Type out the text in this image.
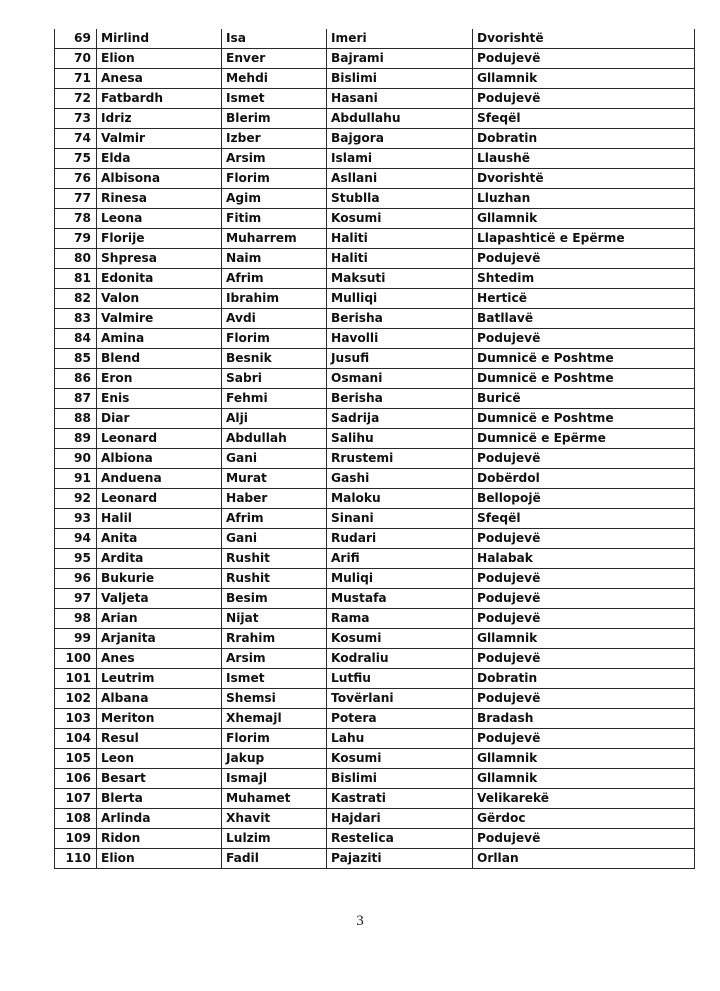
69	Mirlind	Isa	Imeri	Dvorishtë
70	Elion	Enver	Bajrami	Podujevë
71	Anesa	Mehdi	Bislimi	Gllamnik
72	Fatbardh	Ismet	Hasani	Podujevë
73	Idriz	Blerim	Abdullahu	Sfeqël
74	Valmir	Izber	Bajgora	Dobratin
75	Elda	Arsim	Islami	Llaushë
76	Albisona	Florim	Asllani	Dvorishtë
77	Rinesa	Agim	Stublla	Lluzhan
78	Leona	Fitim	Kosumi	Gllamnik
79	Florije	Muharrem	Haliti	Llapashticë e Epërme
80	Shpresa	Naim	Haliti	Podujevë
81	Edonita	Afrim	Maksuti	Shtedim
82	Valon	Ibrahim	Mulliqi	Herticë
83	Valmire	Avdi	Berisha	Batllavë
84	Amina	Florim	Havolli	Podujevë
85	Blend	Besnik	Jusufi	Dumnicë e Poshtme
86	Eron	Sabri	Osmani	Dumnicë e Poshtme
87	Enis	Fehmi	Berisha	Buricë
88	Diar	Alji	Sadrija	Dumnicë e Poshtme
89	Leonard	Abdullah	Salihu	Dumnicë e Epërme
90	Albiona	Gani	Rrustemi	Podujevë
91	Anduena	Murat	Gashi	Dobërdol
92	Leonard	Haber	Maloku	Bellopojë
93	Halil	Afrim	Sinani	Sfeqël
94	Anita	Gani	Rudari	Podujevë
95	Ardita	Rushit	Arifi	Halabak
96	Bukurie	Rushit	Muliqi	Podujevë
97	Valjeta	Besim	Mustafa	Podujevë
98	Arian	Nijat	Rama	Podujevë
99	Arjanita	Rrahim	Kosumi	Gllamnik
100	Anes	Arsim	Kodraliu	Podujevë
101	Leutrim	Ismet	Lutfiu	Dobratin
102	Albana	Shemsi	Tovërlani	Podujevë
103	Meriton	Xhemajl	Potera	Bradash
104	Resul	Florim	Lahu	Podujevë
105	Leon	Jakup	Kosumi	Gllamnik
106	Besart	Ismajl	Bislimi	Gllamnik
107	Blerta	Muhamet	Kastrati	Velikarekë
108	Arlinda	Xhavit	Hajdari	Gërdoc
109	Ridon	Lulzim	Restelica	Podujevë
110	Elion	Fadil	Pajaziti	Orllan
3
